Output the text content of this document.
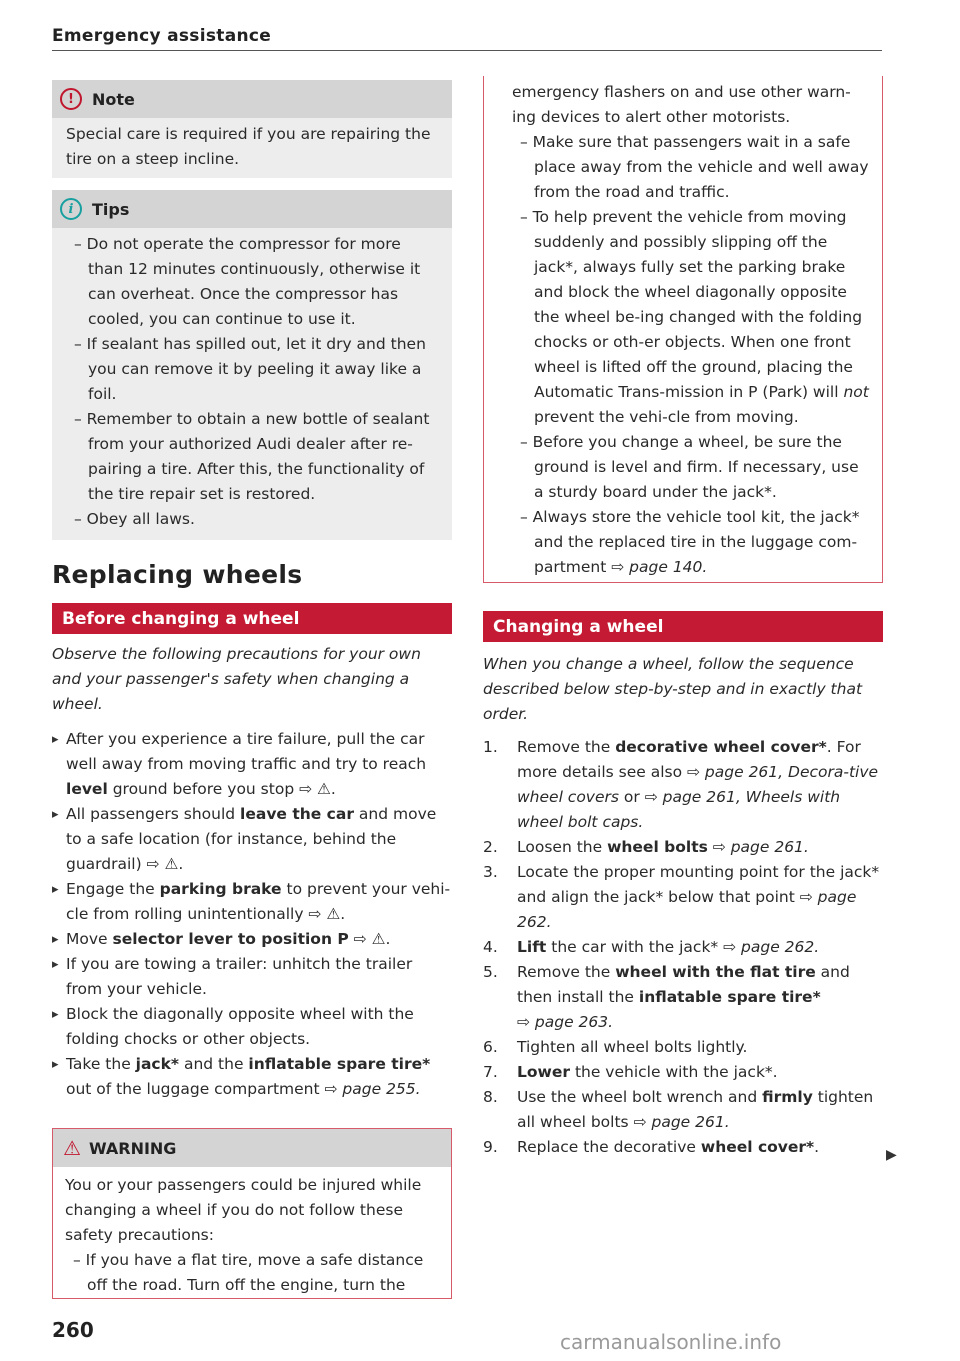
Emergency assistance
!	Note
Special care is required if you are repairing the tire on a steep incline.
i	Tips
– Do not operate the compressor for more than 12 minutes continuously, otherwise it can overheat. Once the compressor has cooled, you can continue to use it.
– If sealant has spilled out, let it dry and then you can remove it by peeling it away like a foil.
– Remember to obtain a new bottle of sealant from your authorized Audi dealer after re-pairing a tire. After this, the functionality of the tire repair set is restored.
– Obey all laws.
Replacing wheels
Before changing a wheel
Observe the following precautions for your own and your passenger's safety when changing a wheel.
▸ After you experience a tire failure, pull the car well away from moving traffic and try to reach level ground before you stop ⇨ ⚠.
▸ All passengers should leave the car and move to a safe location (for instance, behind the guardrail) ⇨ ⚠.
▸ Engage the parking brake to prevent your vehi-cle from rolling unintentionally ⇨ ⚠.
▸ Move selector lever to position P ⇨ ⚠.
▸ If you are towing a trailer: unhitch the trailer from your vehicle.
▸ Block the diagonally opposite wheel with the folding chocks or other objects.
▸ Take the jack* and the inflatable spare tire* out of the luggage compartment ⇨ page 255.
⚠ WARNING
You or your passengers could be injured while changing a wheel if you do not follow these safety precautions:
– If you have a flat tire, move a safe distance off the road. Turn off the engine, turn the
emergency flashers on and use other warn-ing devices to alert other motorists.
– Make sure that passengers wait in a safe place away from the vehicle and well away from the road and traffic.
– To help prevent the vehicle from moving suddenly and possibly slipping off the jack*, always fully set the parking brake and block the wheel diagonally opposite the wheel be-ing changed with the folding chocks or oth-er objects. When one front wheel is lifted off the ground, placing the Automatic Trans-mission in P (Park) will not prevent the vehi-cle from moving.
– Before you change a wheel, be sure the ground is level and firm. If necessary, use a sturdy board under the jack*.
– Always store the vehicle tool kit, the jack* and the replaced tire in the luggage com-partment ⇨ page 140.
Changing a wheel
When you change a wheel, follow the sequence described below step-by-step and in exactly that order.
1.	Remove the decorative wheel cover*. For more details see also ⇨ page 261, Decora-tive wheel covers or ⇨ page 261, Wheels with wheel bolt caps.
2.	Loosen the wheel bolts ⇨ page 261.
3.	Locate the proper mounting point for the jack* and align the jack* below that point ⇨ page 262.
4.	Lift the car with the jack* ⇨ page 262.
5.	Remove the wheel with the flat tire and then install the inflatable spare tire*
⇨ page 263.
6.	Tighten all wheel bolts lightly.
7.	Lower the vehicle with the jack*.
8.	Use the wheel bolt wrench and firmly tighten all wheel bolts ⇨ page 261.
9.	Replace the decorative wheel cover*.	▶
260	carmanualsonline.info
